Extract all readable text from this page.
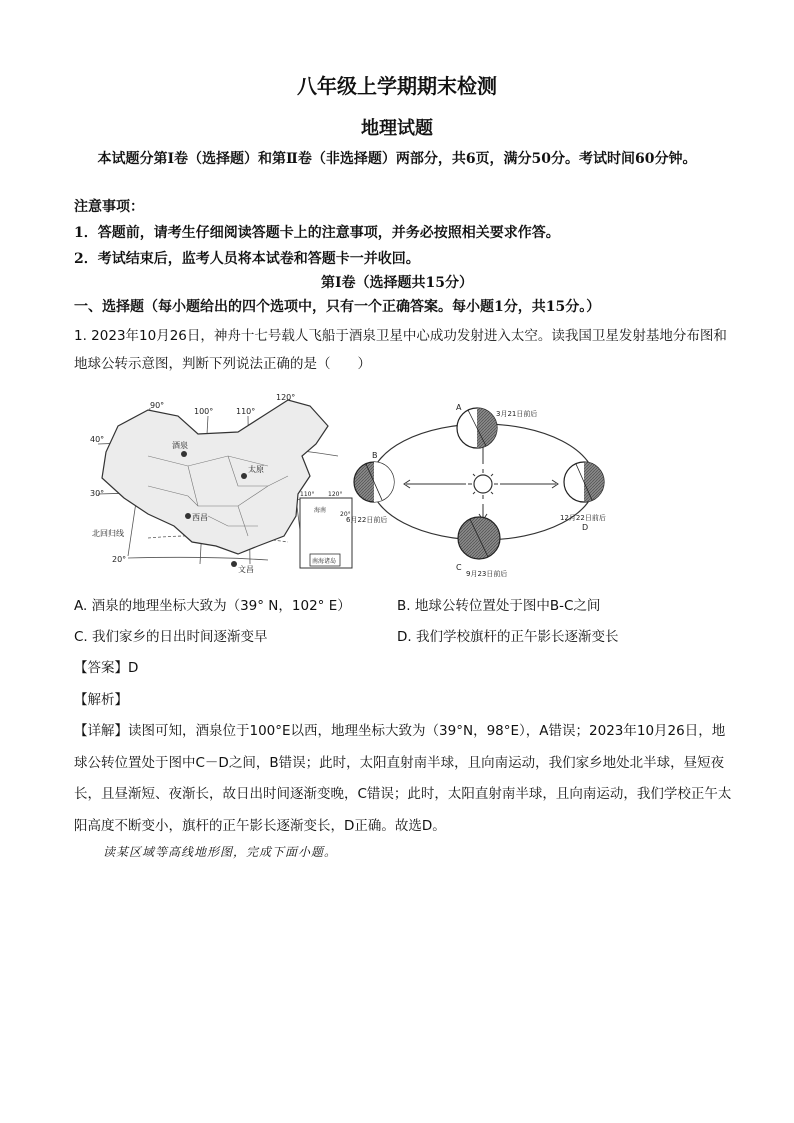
八年级上学期期末检测
地理试题
本试题分第Ⅰ卷（选择题）和第Ⅱ卷（非选择题）两部分，共6页，满分50分。考试时间60分钟。
注意事项：
1．答题前，请考生仔细阅读答题卡上的注意事项，并务必按照相关要求作答。
2．考试结束后，监考人员将本试卷和答题卡一并收回。
第Ⅰ卷（选择题共15分）
一、选择题（每小题给出的四个选项中，只有一个正确答案。每小题1分，共15分。）
1. 2023年10月26日，神舟十七号载人飞船于酒泉卫星中心成功发射进入太空。读我国卫星发射基地分布图和地球公转示意图，判断下列说法正确的是（　　）
90°
100°	110°
120°
40°
30°
20°
酒泉
太原
西昌
文昌
北回归线
110° 120°
20°
南海诸岛
海南
A
B
C
D
3月21日前后
6月22日前后
9月23日前后
12月22日前后
A. 酒泉的地理坐标大致为（39° N，102° E）	B. 地球公转位置处于图中B-C之间
C. 我们家乡的日出时间逐渐变早	D. 我们学校旗杆的正午影长逐渐变长
【答案】D
【解析】
【详解】读图可知，酒泉位于100°E以西，地理坐标大致为（39°N，98°E），A错误；2023年10月26日，地球公转位置处于图中C－D之间，B错误；此时，太阳直射南半球，且向南运动，我们家乡地处北半球，昼短夜长，且昼渐短、夜渐长，故日出时间逐渐变晚，C错误；此时，太阳直射南半球，且向南运动，我们学校正午太阳高度不断变小，旗杆的正午影长逐渐变长，D正确。故选D。
读某区域等高线地形图，完成下面小题。
